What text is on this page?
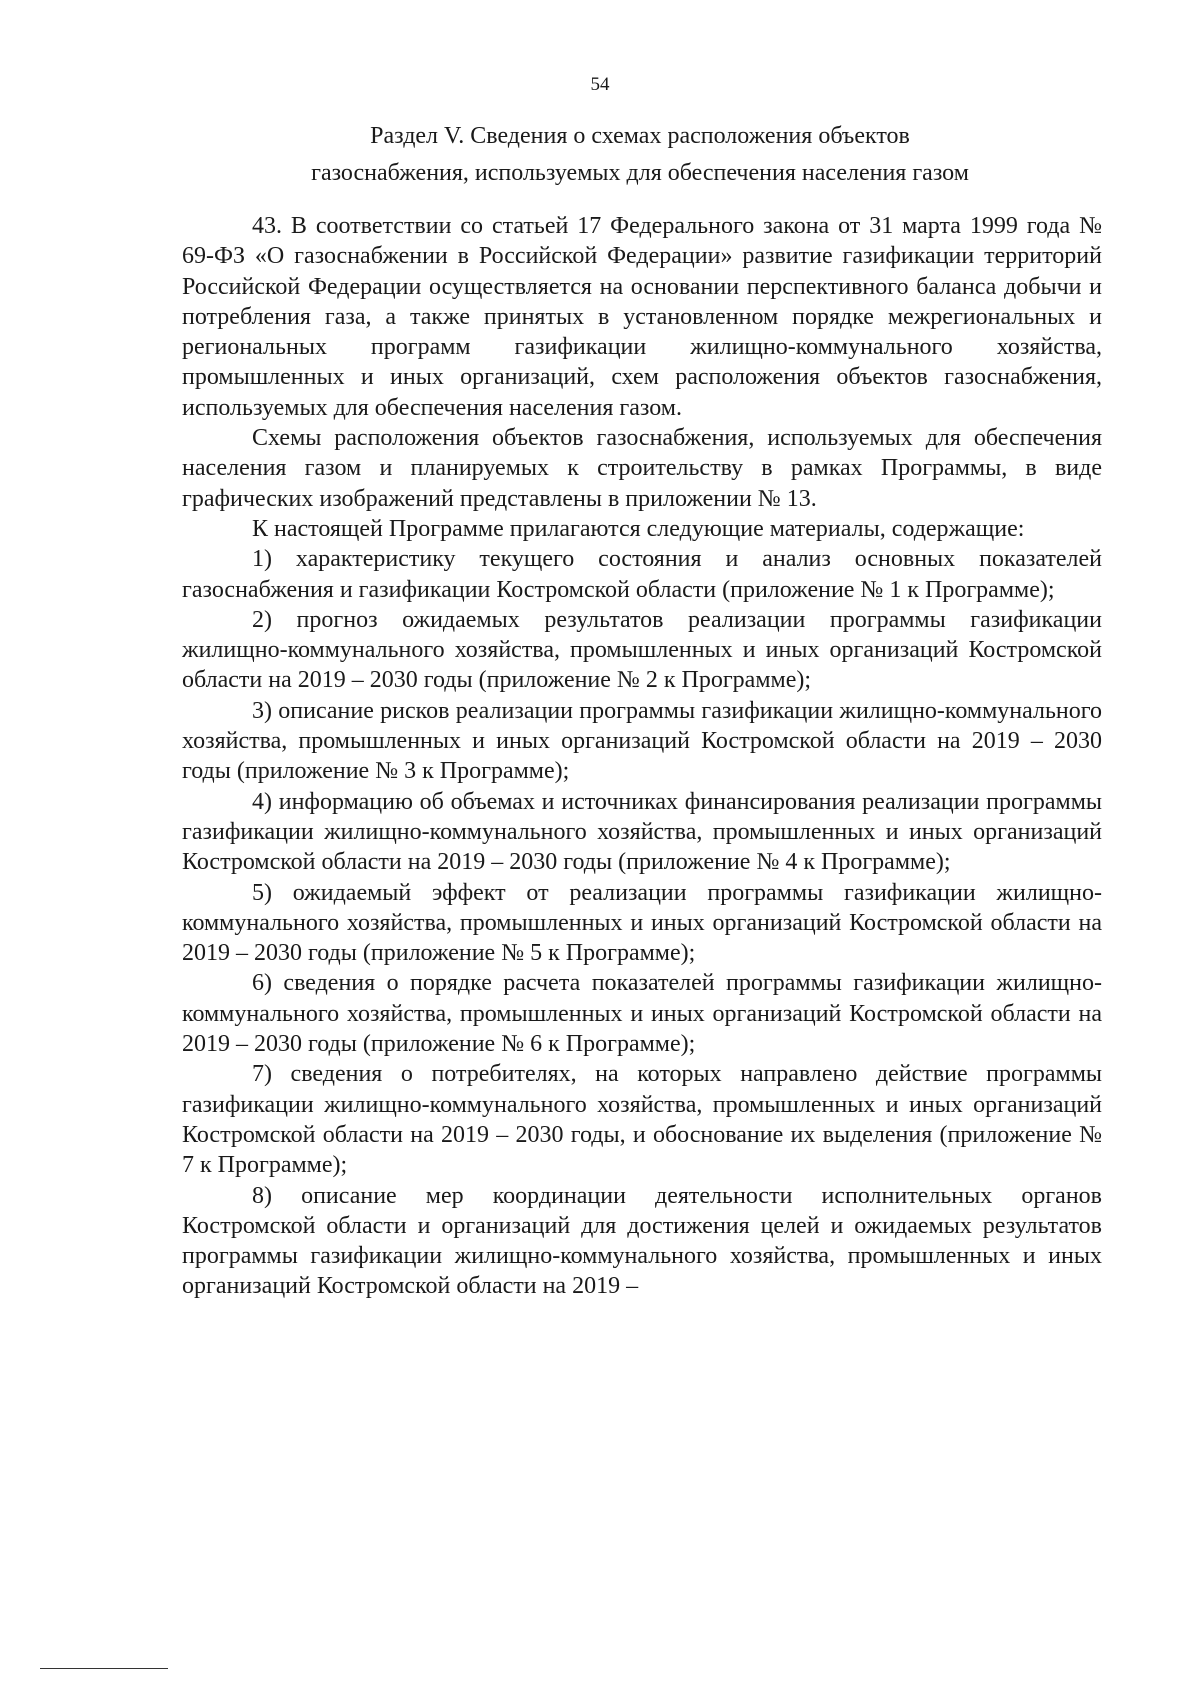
54
Раздел V. Сведения о схемах расположения объектов
газоснабжения, используемых для обеспечения населения газом

43. В соответствии со статьей 17 Федерального закона от 31 марта 1999 года № 69-ФЗ «О газоснабжении в Российской Федерации» развитие газификации территорий Российской Федерации осуществляется на основании перспективного баланса добычи и потребления газа, а также принятых в установленном порядке межрегиональных и региональных программ газификации жилищно-коммунального хозяйства, промышленных и иных организаций, схем расположения объектов газоснабжения, используемых для обеспечения населения газом.

Схемы расположения объектов газоснабжения, используемых для обеспечения населения газом и планируемых к строительству в рамках Программы, в виде графических изображений представлены в приложении № 13.

К настоящей Программе прилагаются следующие материалы, содержащие:

1) характеристику текущего состояния и анализ основных показателей газоснабжения и газификации Костромской области (приложение № 1 к Программе);

2) прогноз ожидаемых результатов реализации программы газификации жилищно-коммунального хозяйства, промышленных и иных организаций Костромской области на 2019 – 2030 годы (приложение № 2 к Программе);

3) описание рисков реализации программы газификации жилищно-коммунального хозяйства, промышленных и иных организаций Костромской области на 2019 – 2030 годы (приложение № 3 к Программе);

4) информацию об объемах и источниках финансирования реализации программы газификации жилищно-коммунального хозяйства, промышленных и иных организаций Костромской области на 2019 – 2030 годы (приложение № 4 к Программе);

5) ожидаемый эффект от реализации программы газификации жилищно-коммунального хозяйства, промышленных и иных организаций Костромской области на 2019 – 2030 годы (приложение № 5 к Программе);

6) сведения о порядке расчета показателей программы газификации жилищно-коммунального хозяйства, промышленных и иных организаций Костромской области на 2019 – 2030 годы (приложение № 6 к Программе);

7) сведения о потребителях, на которых направлено действие программы газификации жилищно-коммунального хозяйства, промышленных и иных организаций Костромской области на 2019 – 2030 годы, и обоснование их выделения (приложение № 7 к Программе);

8) описание мер координации деятельности исполнительных органов Костромской области и организаций для достижения целей и ожидаемых результатов программы газификации жилищно-коммунального хозяйства, промышленных и иных организаций Костромской области на 2019 –
